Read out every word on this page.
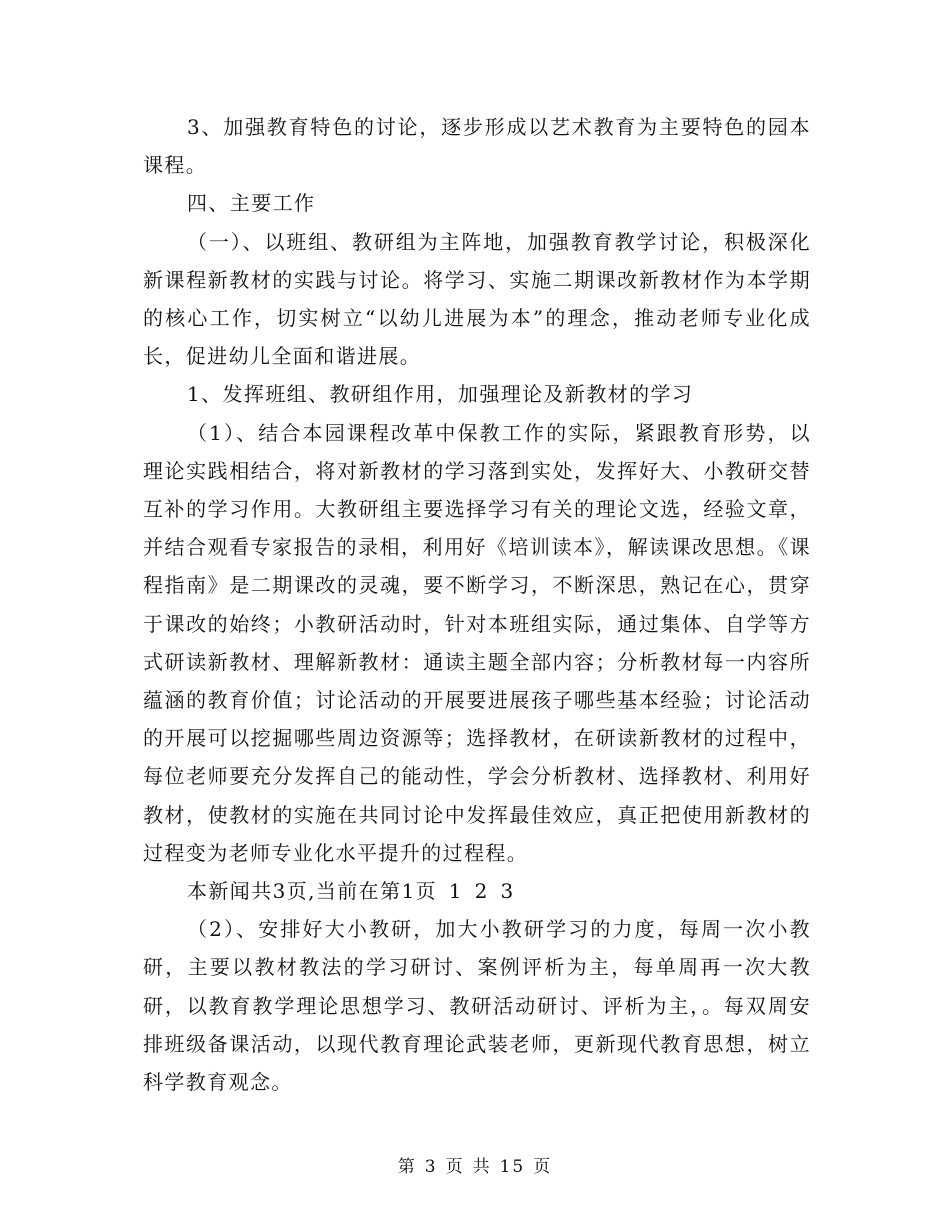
3、加强教育特色的讨论，逐步形成以艺术教育为主要特色的园本课程。

四、主要工作

（一）、以班组、教研组为主阵地，加强教育教学讨论，积极深化新课程新教材的实践与讨论。将学习、实施二期课改新教材作为本学期的核心工作，切实树立“以幼儿进展为本”的理念，推动老师专业化成长，促进幼儿全面和谐进展。

1、发挥班组、教研组作用，加强理论及新教材的学习

（1）、结合本园课程改革中保教工作的实际，紧跟教育形势，以理论实践相结合，将对新教材的学习落到实处，发挥好大、小教研交替互补的学习作用。大教研组主要选择学习有关的理论文选，经验文章，并结合观看专家报告的录相，利用好《培训读本》，解读课改思想。《课程指南》是二期课改的灵魂，要不断学习，不断深思，熟记在心，贯穿于课改的始终；小教研活动时，针对本班组实际，通过集体、自学等方式研读新教材、理解新教材：通读主题全部内容；分析教材每一内容所蕴涵的教育价值；讨论活动的开展要进展孩子哪些基本经验；讨论活动的开展可以挖掘哪些周边资源等；选择教材，在研读新教材的过程中，每位老师要充分发挥自己的能动性，学会分析教材、选择教材、利用好教材，使教材的实施在共同讨论中发挥最佳效应，真正把使用新教材的过程变为老师专业化水平提升的过程程。

本新闻共3页,当前在第1页 1 2 3

（2）、安排好大小教研，加大小教研学习的力度，每周一次小教研，主要以教材教法的学习研讨、案例评析为主，每单周再一次大教研，以教育教学理论思想学习、教研活动研讨、评析为主，。每双周安排班级备课活动，以现代教育理论武装老师，更新现代教育思想，树立科学教育观念。

第 3 页 共 15 页
